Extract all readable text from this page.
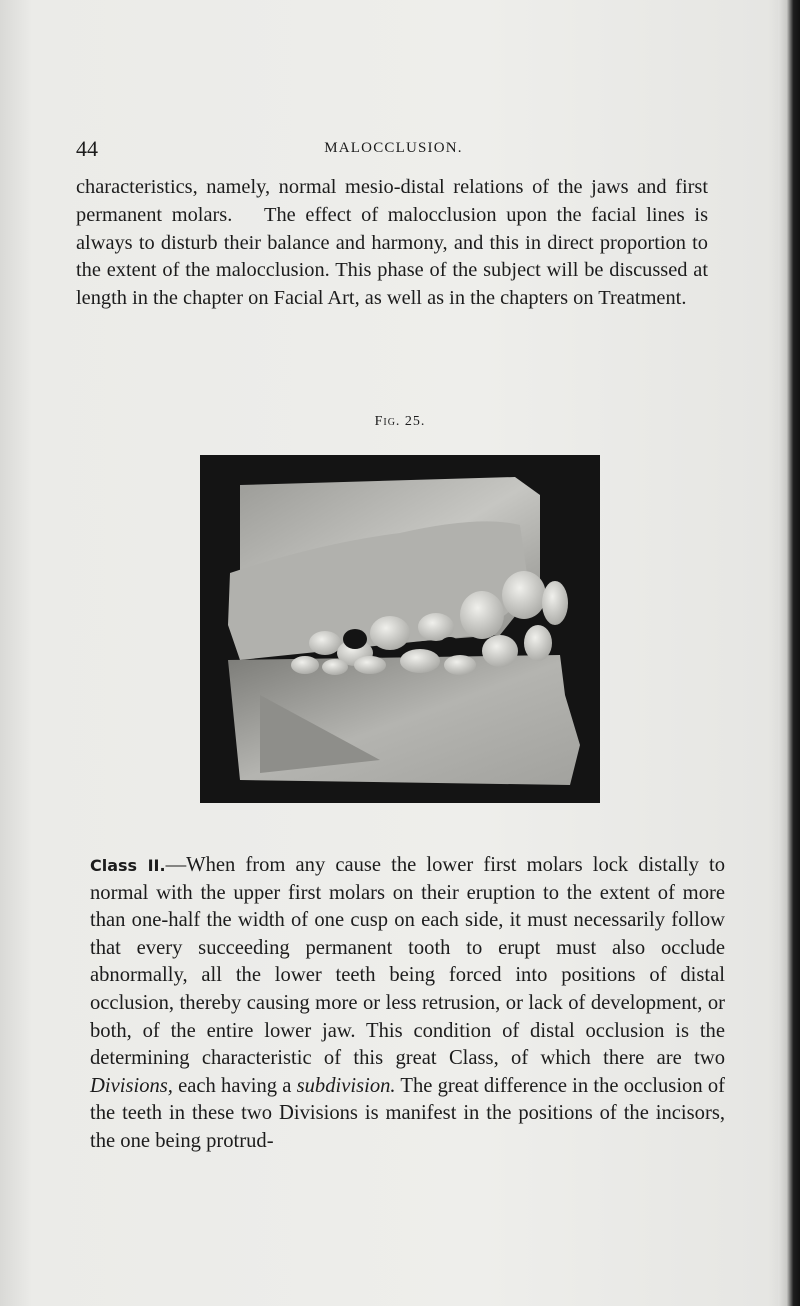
44	MALOCCLUSION.

characteristics, namely, normal mesio-distal relations of the jaws and first permanent molars. The effect of malocclusion upon the facial lines is always to disturb their balance and harmony, and this in direct proportion to the extent of the malocclusion. This phase of the subject will be discussed at length in the chapter on Facial Art, as well as in the chapters on Treatment.

Fig. 25.

Class II.—When from any cause the lower first molars lock distally to normal with the upper first molars on their eruption to the extent of more than one-half the width of one cusp on each side, it must necessarily follow that every succeeding permanent tooth to erupt must also occlude abnormally, all the lower teeth being forced into positions of distal occlusion, thereby causing more or less retrusion, or lack of development, or both, of the entire lower jaw. This condition of distal occlusion is the determining characteristic of this great Class, of which there are two Divisions, each having a subdivision. The great difference in the occlusion of the teeth in these two Divisions is manifest in the positions of the incisors, the one being protrud-
